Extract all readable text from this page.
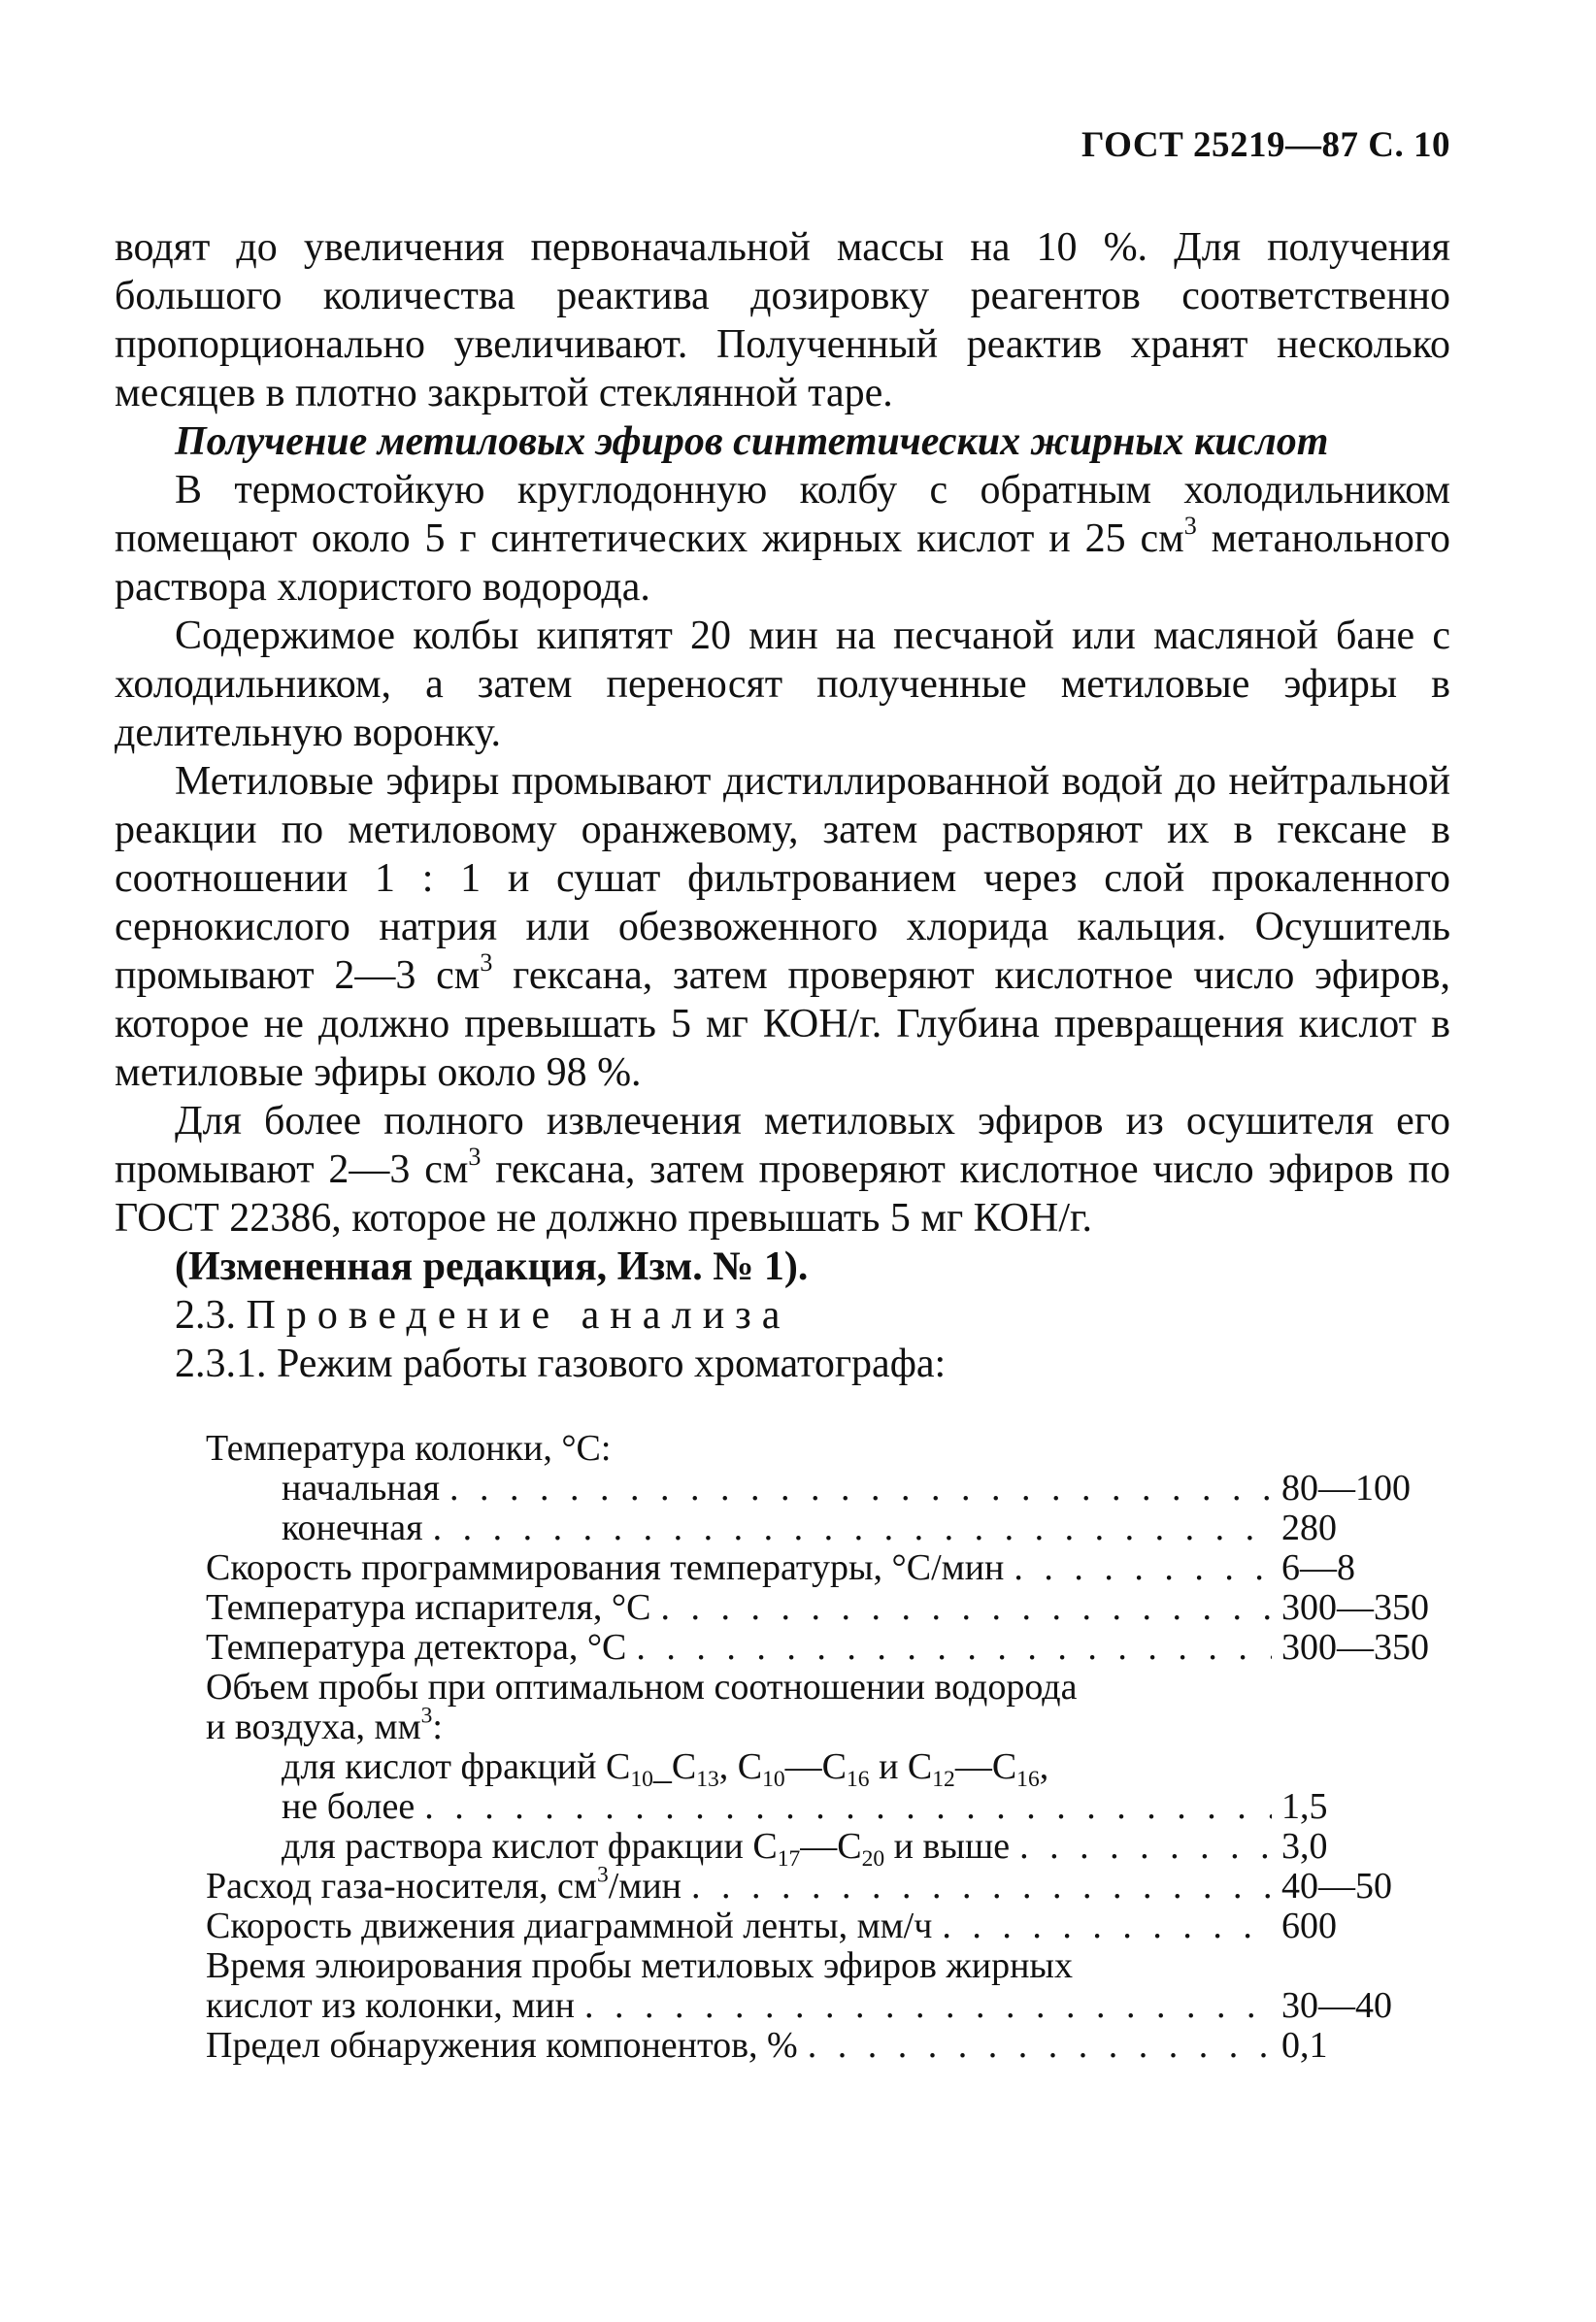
ГОСТ 25219—87 С. 10

водят до увеличения первоначальной массы на 10 %. Для получения большого количества реактива дозировку реагентов соответственно пропорционально увеличивают. Полученный реактив хранят несколько месяцев в плотно закрытой стеклянной таре.

Получение метиловых эфиров синтетических жирных кислот

В термостойкую круглодонную колбу с обратным холодильником помещают около 5 г синтетических жирных кислот и 25 $см^3$ метанольного раствора хлористого водорода.

Содержимое колбы кипятят 20 мин на песчаной или масляной бане с холодильником, а затем переносят полученные метиловые эфиры в делительную воронку.

Метиловые эфиры промывают дистиллированной водой до нейтральной реакции по метиловому оранжевому, затем растворяют их в гексане в соотношении 1 : 1 и сушат фильтрованием через слой прокаленного сернокислого натрия или обезвоженного хлорида кальция. Осушитель промывают 2—3 $см^3$ гексана, затем проверяют кислотное число эфиров, которое не должно превышать 5 мг КОН/г. Глубина превращения кислот в метиловые эфиры около 98 %.

Для более полного извлечения метиловых эфиров из осушителя его промывают 2—3 $см^3$ гексана, затем проверяют кислотное число эфиров по ГОСТ 22386, которое не должно превышать 5 мг КОН/г.

(Измененная редакция, Изм. № 1).

2.3. Проведение анализа

2.3.1. Режим работы газового хроматографа:

Температура колонки, °С:
начальная . . .	80—100
конечная . . .	280
Скорость программирования температуры, °С/мин . . .	6—8
Температура испарителя, °С . . .	300—350
Температура детектора, °С . . .	300—350
Объем пробы при оптимальном соотношении водорода
и воздуха, $мм^3$:
для кислот фракций $C_{10}\_C_{13}$, $C_{10}—C_{16}$ и $C_{12}—C_{16}$,
не более . . .	1,5
для раствора кислот фракции $C_{17}—C_{20}$ и выше . . .	3,0
Расход газа-носителя, $см^3$/мин . . .	40—50
Скорость движения диаграммной ленты, мм/ч . . .	600
Время элюирования пробы метиловых эфиров жирных
кислот из колонки, мин . . .	30—40
Предел обнаружения компонентов, % . . .	0,1
